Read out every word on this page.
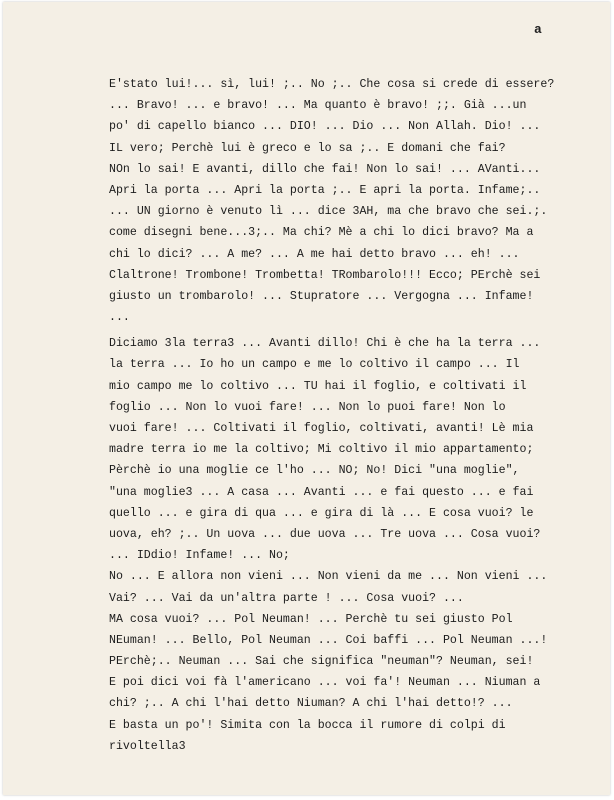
a
E'stato lui!... sì, lui! ;.. No ;.. Che cosa si crede di essere?
... Bravo! ... e bravo! ... Ma quanto è bravo! ;;. Già ...un
po' di capello bianco ... DIO! ... Dio ... Non Allah. Dio! ...
IL vero; Perchè lui è greco e lo sa ;.. E domani che fai?
NOn lo sai! E avanti, dillo che fai! Non lo sai! ... AVanti...
Apri la porta ... Apri la porta ;.. E apri la porta. Infame;..
... UN giorno è venuto lì ... dice 3AH, ma che bravo che sei.;.
come disegni bene...3;.. Ma chi? Mè a chi lo dici bravo? Ma a
chi lo dici? ... A me? ... A me hai detto bravo ... eh! ...
Claltrone! Trombone! Trombetta! TRombarolo!!! Ecco; PErchè sei
giusto un trombarolo! ... Stupratore ... Vergogna ... Infame!
...
Diciamo 3la terra3 ... Avanti dillo! Chi è che ha la terra ...
la terra ... Io ho un campo e me lo coltivo il campo ... Il
mio campo me lo coltivo ... TU hai il foglio, e coltivati il
foglio ... Non lo vuoi fare! ... Non lo puoi fare! Non lo
vuoi fare! ... Coltivati il foglio, coltivati, avanti! Lè mia
madre terra io me la coltivo; Mi coltivo il mio appartamento;
Pèrchè io una moglie ce l'ho ... NO; No! Dici "una moglie",
"una moglie3 ... A casa ... Avanti ... e fai questo ... e fai
quello ... e gira di qua ... e gira di là ... E cosa vuoi? le
uova, eh? ;.. Un uova ... due uova ... Tre uova ... Cosa vuoi?
... IDdio! Infame! ... No;
No ... E allora non vieni ... Non vieni da me ... Non vieni ...
Vai? ... Vai da un'altra parte ! ... Cosa vuoi? ...
MA cosa vuoi? ... Pol Neuman! ... Perchè tu sei giusto Pol
NEuman! ... Bello, Pol Neuman ... Coi baffi ... Pol Neuman ...!
PErchè;.. Neuman ... Sai che significa "neuman"? Neuman, sei!
E poi dici voi fà l'americano ... voi fa'! Neuman ... Niuman a
chi? ;.. A chi l'hai detto Niuman? A chi l'hai detto!? ...
E basta un po'! Simita con la bocca il rumore di colpi di
rivoltella3
